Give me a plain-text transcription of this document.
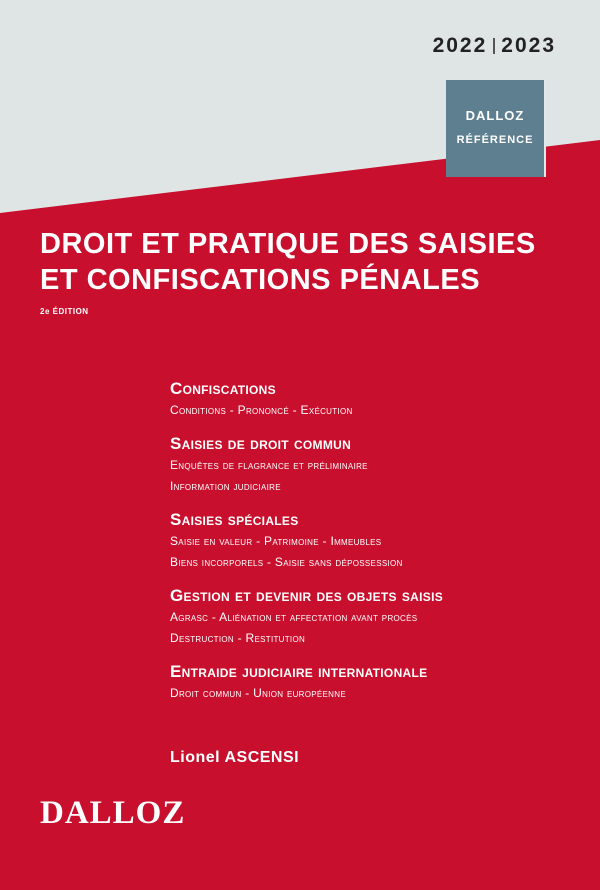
2022 2023
DALLOZ
RÉFÉRENCE
DROIT ET PRATIQUE DES SAISIES
ET CONFISCATIONS PÉNALES
2e ÉDITION
Confiscations
Conditions - Prononcé - Exécution
Saisies de droit commun
Enquêtes de flagrance et préliminaire
Information judiciaire
Saisies spéciales
Saisie en valeur - Patrimoine - Immeubles
Biens incorporels - Saisie sans dépossession
Gestion et devenir des objets saisis
Agrasc - Aliénation et affectation avant procès
Destruction - Restitution
Entraide judiciaire internationale
Droit commun - Union européenne
Lionel ASCENSI
DALLOZ
